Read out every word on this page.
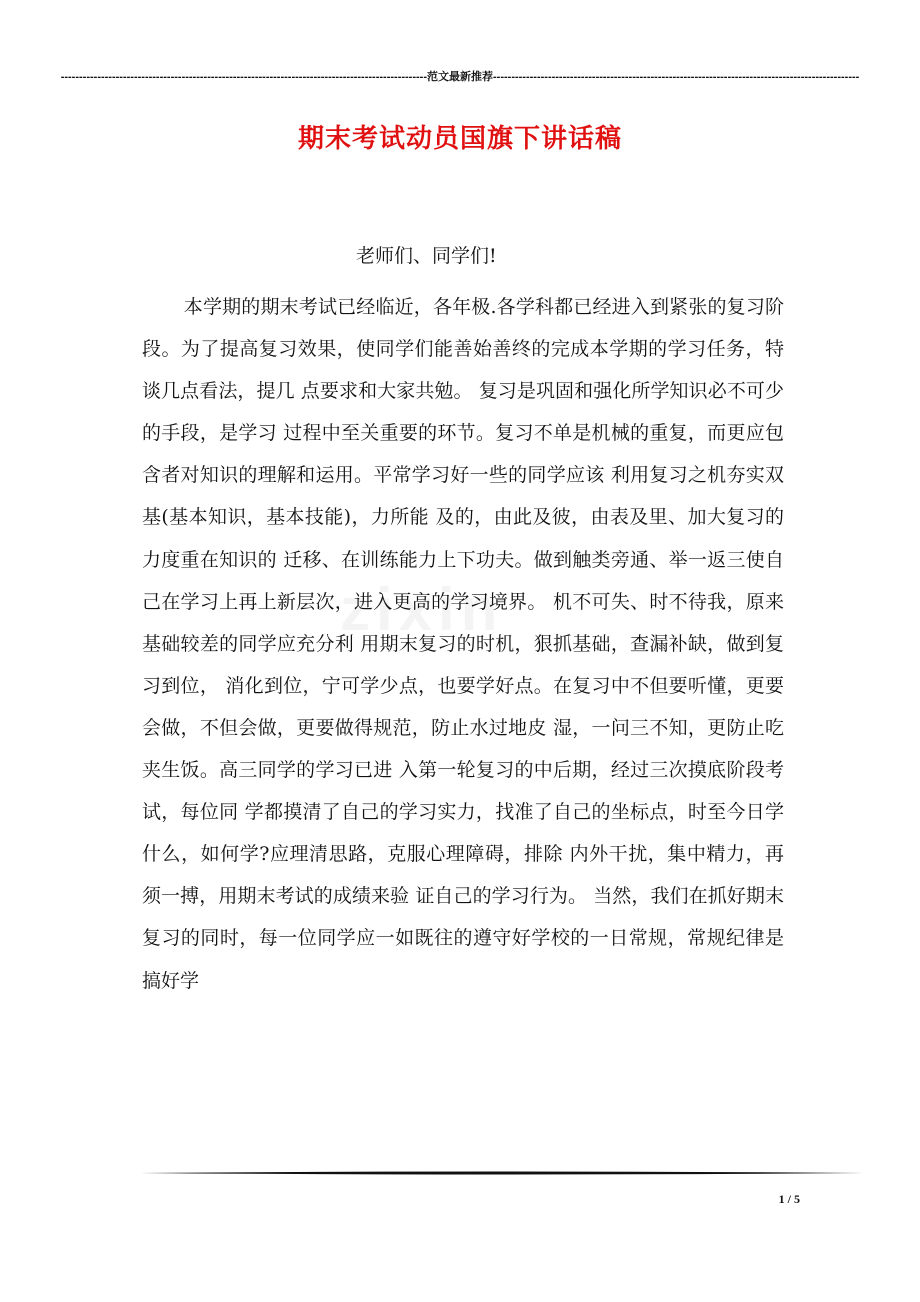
---------------------------------------------------------------------------------------------------- 范文最新推荐 ----------------------------------------------------------------------------------------------------
期末考试动员国旗下讲话稿
老师们、同学们!

本学期的期末考试已经临近，各年极.各学科都已经进入到紧张的复习阶段。为了提高复习效果，使同学们能善始善终的完成本学期的学习任务，特谈几点看法，提几 点要求和大家共勉。 复习是巩固和强化所学知识必不可少的手段，是学习 过程中至关重要的环节。复习不单是机械的重复，而更应包含者对知识的理解和运用。平常学习好一些的同学应该 利用复习之机夯实双基(基本知识，基本技能)，力所能 及的，由此及彼，由表及里、加大复习的力度重在知识的 迁移、在训练能力上下功夫。做到触类旁通、举一返三使自己在学习上再上新层次，进入更高的学习境界。 机不可失、时不待我，原来基础较差的同学应充分利 用期末复习的时机，狠抓基础，查漏补缺，做到复习到位， 消化到位，宁可学少点，也要学好点。在复习中不但要听懂，更要会做，不但会做，更要做得规范，防止水过地皮 湿，一问三不知，更防止吃夹生饭。高三同学的学习已进 入第一轮复习的中后期，经过三次摸底阶段考试，每位同 学都摸清了自己的学习实力，找准了自己的坐标点，时至今日学什么，如何学?应理清思路，克服心理障碍，排除 内外干扰，集中精力，再须一搏，用期末考试的成绩来验 证自己的学习行为。 当然，我们在抓好期末复习的同时，每一位同学应一如既往的遵守好学校的一日常规，常规纪律是搞好学

1 / 5
